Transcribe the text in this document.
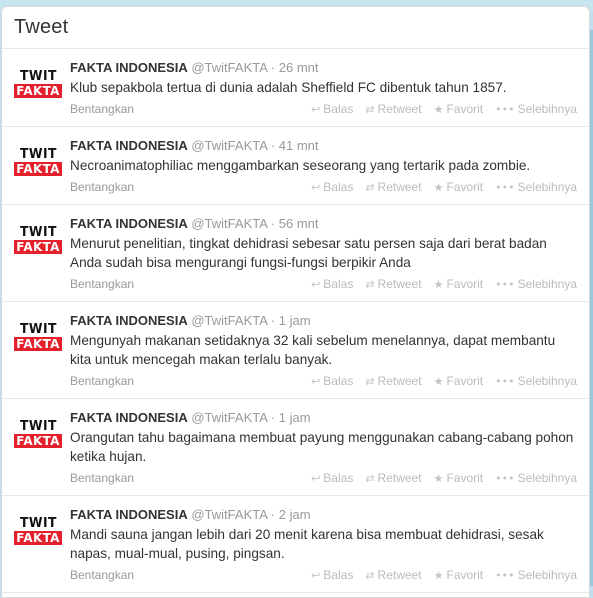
Tweet
TWIT
FAKTA
FAKTA INDONESIA @TwitFAKTA · 26 mnt
Klub sepakbola tertua di dunia adalah Sheffield FC dibentuk tahun 1857.
Bentangkan	↩ Balas ⇄ Retweet ★ Favorit ••• Selebihnya
TWIT
FAKTA
FAKTA INDONESIA @TwitFAKTA · 41 mnt
Necroanimatophiliac menggambarkan seseorang yang tertarik pada zombie.
Bentangkan	↩ Balas ⇄ Retweet ★ Favorit ••• Selebihnya
TWIT
FAKTA
FAKTA INDONESIA @TwitFAKTA · 56 mnt
Menurut penelitian, tingkat dehidrasi sebesar satu persen saja dari berat badan Anda sudah bisa mengurangi fungsi-fungsi berpikir Anda
Bentangkan	↩ Balas ⇄ Retweet ★ Favorit ••• Selebihnya
TWIT
FAKTA
FAKTA INDONESIA @TwitFAKTA · 1 jam
Mengunyah makanan setidaknya 32 kali sebelum menelannya, dapat membantu kita untuk mencegah makan terlalu banyak.
Bentangkan	↩ Balas ⇄ Retweet ★ Favorit ••• Selebihnya
TWIT
FAKTA
FAKTA INDONESIA @TwitFAKTA · 1 jam
Orangutan tahu bagaimana membuat payung menggunakan cabang-cabang pohon ketika hujan.
Bentangkan	↩ Balas ⇄ Retweet ★ Favorit ••• Selebihnya
TWIT
FAKTA
FAKTA INDONESIA @TwitFAKTA · 2 jam
Mandi sauna jangan lebih dari 20 menit karena bisa membuat dehidrasi, sesak napas, mual-mual, pusing, pingsan.
Bentangkan	↩ Balas ⇄ Retweet ★ Favorit ••• Selebihnya
